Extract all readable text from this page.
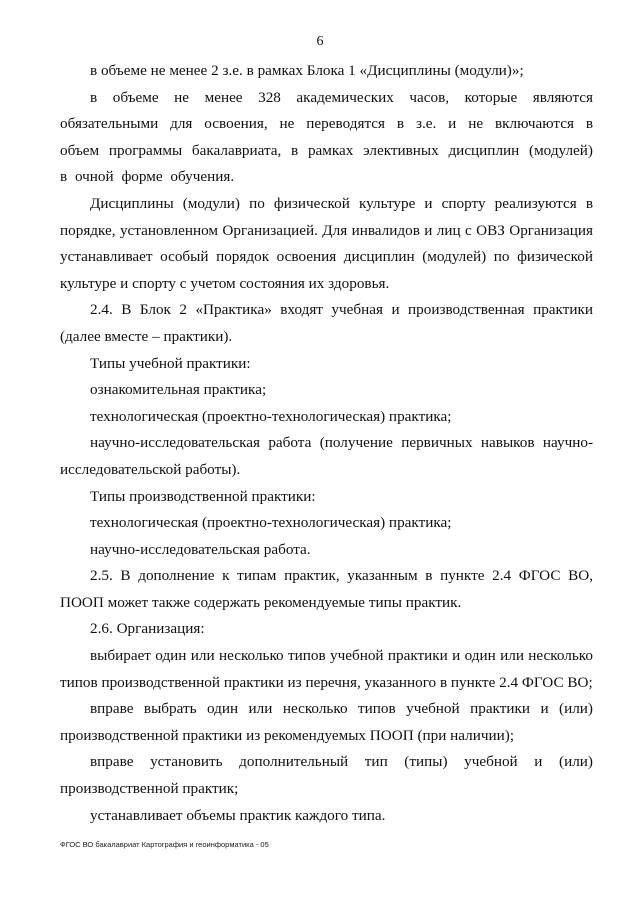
6

в объеме не менее 2 з.е. в рамках Блока 1 «Дисциплины (модули)»;

в объеме не менее 328 академических часов, которые являются обязательными для освоения, не переводятся в з.е. и не включаются в объем программы бакалавриата, в рамках элективных дисциплин (модулей) в очной форме обучения.

Дисциплины (модули) по физической культуре и спорту реализуются в порядке, установленном Организацией. Для инвалидов и лиц с ОВЗ Организация устанавливает особый порядок освоения дисциплин (модулей) по физической культуре и спорту с учетом состояния их здоровья.

2.4. В Блок 2 «Практика» входят учебная и производственная практики (далее вместе – практики).

Типы учебной практики:

ознакомительная практика;

технологическая (проектно-технологическая) практика;

научно-исследовательская работа (получение первичных навыков научно-исследовательской работы).

Типы производственной практики:

технологическая (проектно-технологическая) практика;

научно-исследовательская работа.

2.5. В дополнение к типам практик, указанным в пункте 2.4 ФГОС ВО, ПООП может также содержать рекомендуемые типы практик.

2.6. Организация:

выбирает один или несколько типов учебной практики и один или несколько типов производственной практики из перечня, указанного в пункте 2.4 ФГОС ВО;

вправе выбрать один или несколько типов учебной практики и (или) производственной практики из рекомендуемых ПООП (при наличии);

вправе установить дополнительный тип (типы) учебной и (или) производственной практик;

устанавливает объемы практик каждого типа.

ФГОС ВО бакалавриат Картография и геоинформатика - 05
